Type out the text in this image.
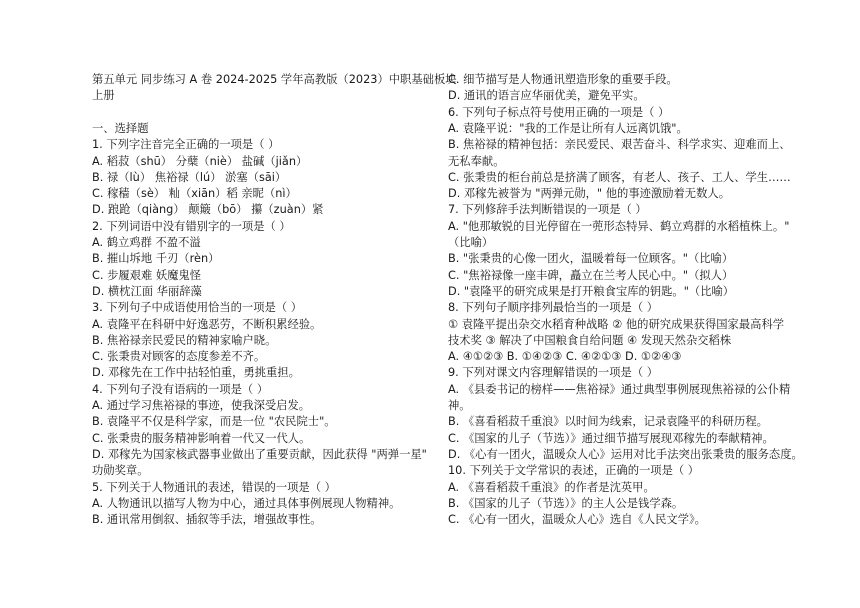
第五单元 同步练习 A 卷 2024-2025 学年高教版（2023）中职基础板块
上册
一、选择题
1. 下列字注音完全正确的一项是（ ）
A. 稻菽（shū） 分蘖（niè） 盐碱（jiǎn）
B. 禄（lù） 焦裕禄（lú） 淤塞（sāi）
C. 稼穑（sè） 籼（xiān）稻 亲昵（nì）
D. 踉跄（qiàng） 颠簸（bō） 攥（zuàn）紧
2. 下列词语中没有错别字的一项是（ ）
A. 鹤立鸡群 不盈不溢
B. 摧山坼地 千刃（rèn）
C. 步履艰难 妖魔鬼怪
D. 横枕江面 华丽辞藻
3. 下列句子中成语使用恰当的一项是（ ）
A. 袁隆平在科研中好逸恶劳，不断积累经验。
B. 焦裕禄亲民爱民的精神家喻户晓。
C. 张秉贵对顾客的态度参差不齐。
D. 邓稼先在工作中拈轻怕重，勇挑重担。
4. 下列句子没有语病的一项是（ ）
A. 通过学习焦裕禄的事迹，使我深受启发。
B. 袁隆平不仅是科学家，而是一位 "农民院士"。
C. 张秉贵的服务精神影响着一代又一代人。
D. 邓稼先为国家核武器事业做出了重要贡献，因此获得 "两弹一星"
功勋奖章。
5. 下列关于人物通讯的表述，错误的一项是（ ）
A. 人物通讯以描写人物为中心，通过具体事例展现人物精神。
B. 通讯常用倒叙、插叙等手法，增强故事性。
C. 细节描写是人物通讯塑造形象的重要手段。
D. 通讯的语言应华丽优美，避免平实。
6. 下列句子标点符号使用正确的一项是（ ）
A. 袁隆平说："我的工作是让所有人远离饥饿"。
B. 焦裕禄的精神包括：亲民爱民、艰苦奋斗、科学求实、迎难而上、
无私奉献。
C. 张秉贵的柜台前总是挤满了顾客，有老人、孩子、工人、学生……
D. 邓稼先被誉为 "两弹元勋，" 他的事迹激励着无数人。
7. 下列修辞手法判断错误的一项是（ ）
A. "他那敏锐的目光停留在一蔸形态特异、鹤立鸡群的水稻植株上。"
（比喻）
B. "张秉贵的心像一团火，温暖着每一位顾客。"（比喻）
C. "焦裕禄像一座丰碑，矗立在兰考人民心中。"（拟人）
D. "袁隆平的研究成果是打开粮食宝库的钥匙。"（比喻）
8. 下列句子顺序排列最恰当的一项是（ ）
① 袁隆平提出杂交水稻育种战略 ② 他的研究成果获得国家最高科学
技术奖 ③ 解决了中国粮食自给问题 ④ 发现天然杂交稻株
A. ④①②③ B. ①④②③ C. ④②①③ D. ①②④③
9. 下列对课文内容理解错误的一项是（ ）
A. 《县委书记的榜样——焦裕禄》通过典型事例展现焦裕禄的公仆精
神。
B. 《喜看稻菽千重浪》以时间为线索，记录袁隆平的科研历程。
C. 《国家的儿子（节选）》通过细节描写展现邓稼先的奉献精神。
D. 《心有一团火，温暖众人心》运用对比手法突出张秉贵的服务态度。
10. 下列关于文学常识的表述，正确的一项是（ ）
A. 《喜看稻菽千重浪》的作者是沈英甲。
B. 《国家的儿子（节选）》的主人公是钱学森。
C. 《心有一团火，温暖众人心》选自《人民文学》。
